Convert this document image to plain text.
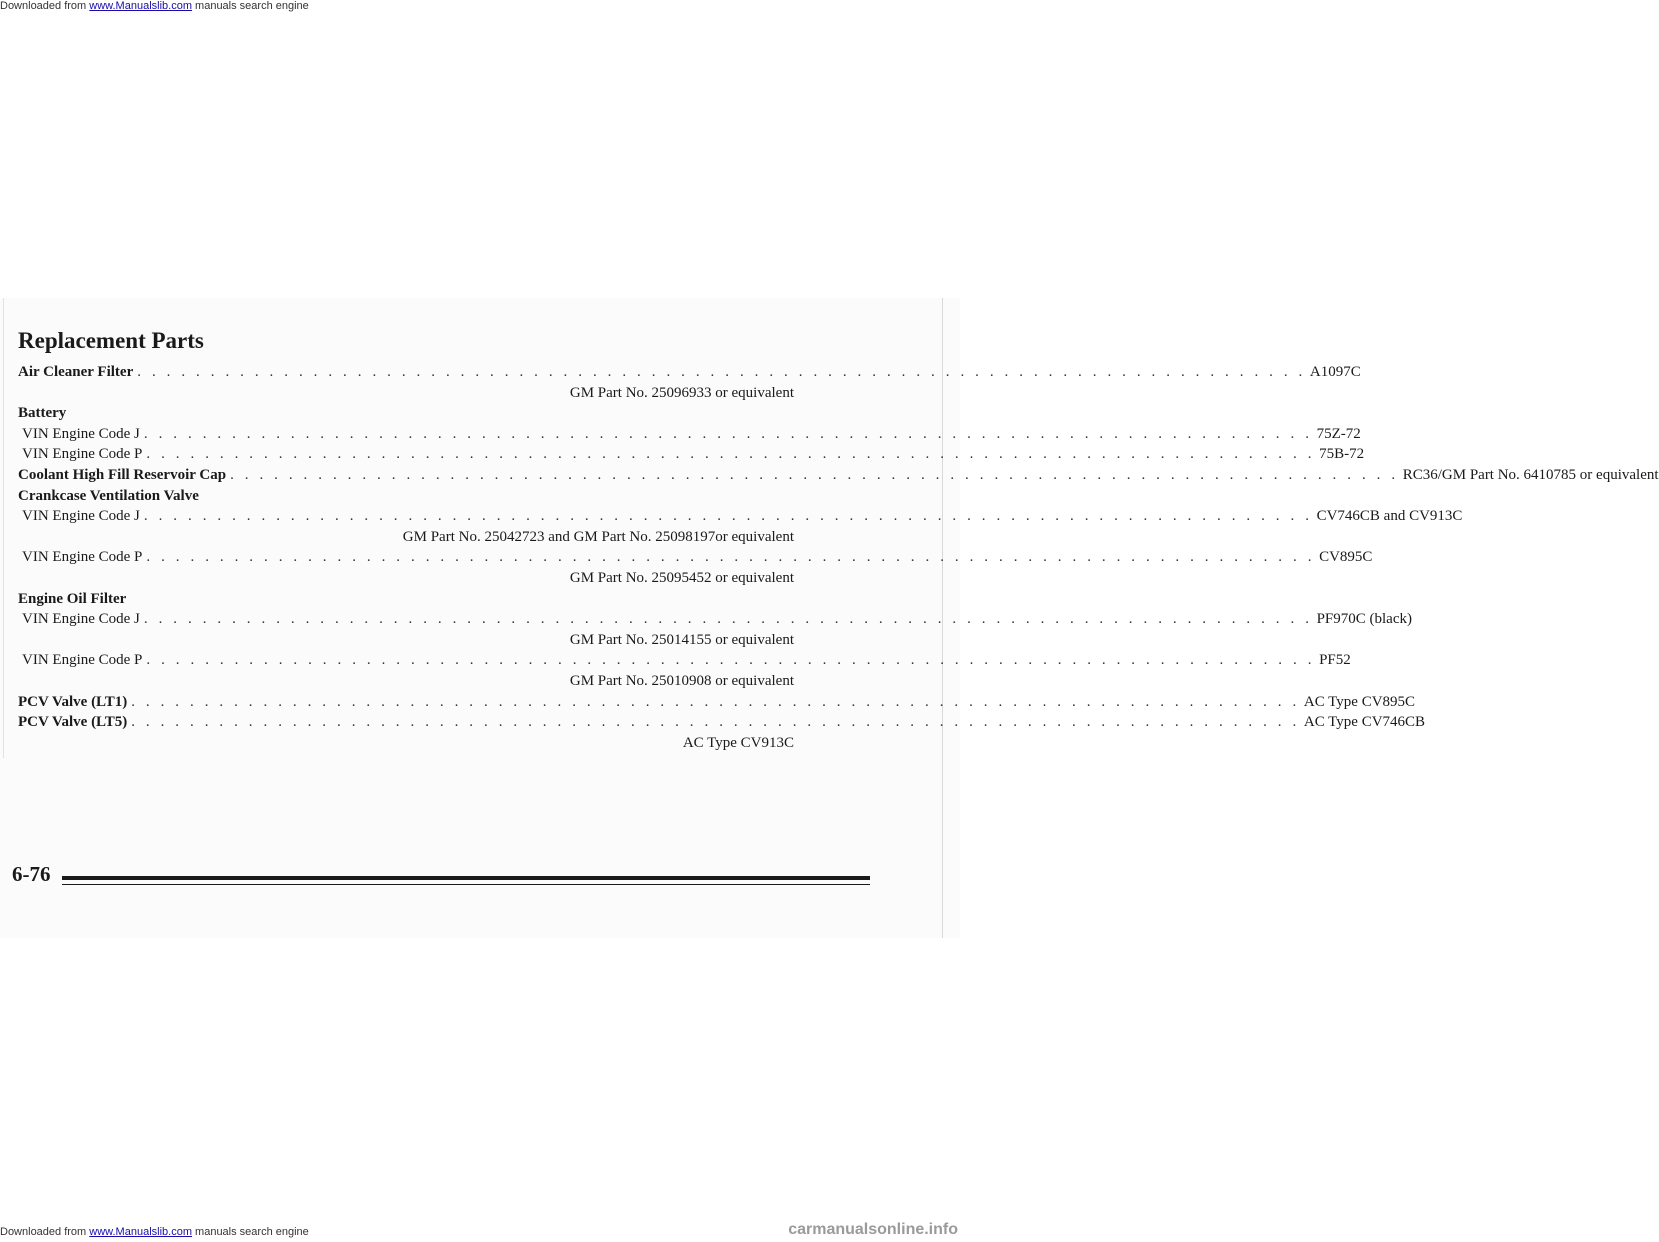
Downloaded from www.Manualslib.com manuals search engine
Replacement Parts
Air Cleaner Filter . . . . . . . . . . . . . . . . . . . . . . . . . . . . . . . . . . . . . . . . . . . . . . . . . . . . . . . . . . . . . . . . . . . . . . . . . . . . . . . . A1097C
GM Part No. 25096933 or equivalent
Battery
VIN Engine Code J . . . . . . . . . . . . . . . . . . . . . . . . . . . . . . . . . . . . . . . . . . . . . . . . . . . . . . . . . . . . . . . . . . . . . . . . . . . . . . . . 75Z-72
VIN Engine Code P . . . . . . . . . . . . . . . . . . . . . . . . . . . . . . . . . . . . . . . . . . . . . . . . . . . . . . . . . . . . . . . . . . . . . . . . . . . . . . . . 75B-72
Coolant High Fill Reservoir Cap . . . . . . . . . . . . . . . . . . . . . . . . . . . . . . . . . . . . . . . . . . . . . . . . . . . . . . . . . . . . . . . . . . . . . . . . . . . . . . . . RC36/GM Part No. 6410785 or equivalent
Crankcase Ventilation Valve
VIN Engine Code J . . . . . . . . . . . . . . . . . . . . . . . . . . . . . . . . . . . . . . . . . . . . . . . . . . . . . . . . . . . . . . . . . . . . . . . . . . . . . . . . CV746CB and CV913C
GM Part No. 25042723 and GM Part No. 25098197or equivalent
VIN Engine Code P . . . . . . . . . . . . . . . . . . . . . . . . . . . . . . . . . . . . . . . . . . . . . . . . . . . . . . . . . . . . . . . . . . . . . . . . . . . . . . . . CV895C
GM Part No. 25095452 or equivalent
Engine Oil Filter
VIN Engine Code J . . . . . . . . . . . . . . . . . . . . . . . . . . . . . . . . . . . . . . . . . . . . . . . . . . . . . . . . . . . . . . . . . . . . . . . . . . . . . . . . PF970C (black)
GM Part No. 25014155 or equivalent
VIN Engine Code P . . . . . . . . . . . . . . . . . . . . . . . . . . . . . . . . . . . . . . . . . . . . . . . . . . . . . . . . . . . . . . . . . . . . . . . . . . . . . . . . PF52
GM Part No. 25010908 or equivalent
PCV Valve (LT1) . . . . . . . . . . . . . . . . . . . . . . . . . . . . . . . . . . . . . . . . . . . . . . . . . . . . . . . . . . . . . . . . . . . . . . . . . . . . . . . . AC Type CV895C
PCV Valve (LT5) . . . . . . . . . . . . . . . . . . . . . . . . . . . . . . . . . . . . . . . . . . . . . . . . . . . . . . . . . . . . . . . . . . . . . . . . . . . . . . . . AC Type CV746CB
AC Type CV913C
6-76
Downloaded from www.Manualslib.com manuals search engine	carmanualsonline.info
